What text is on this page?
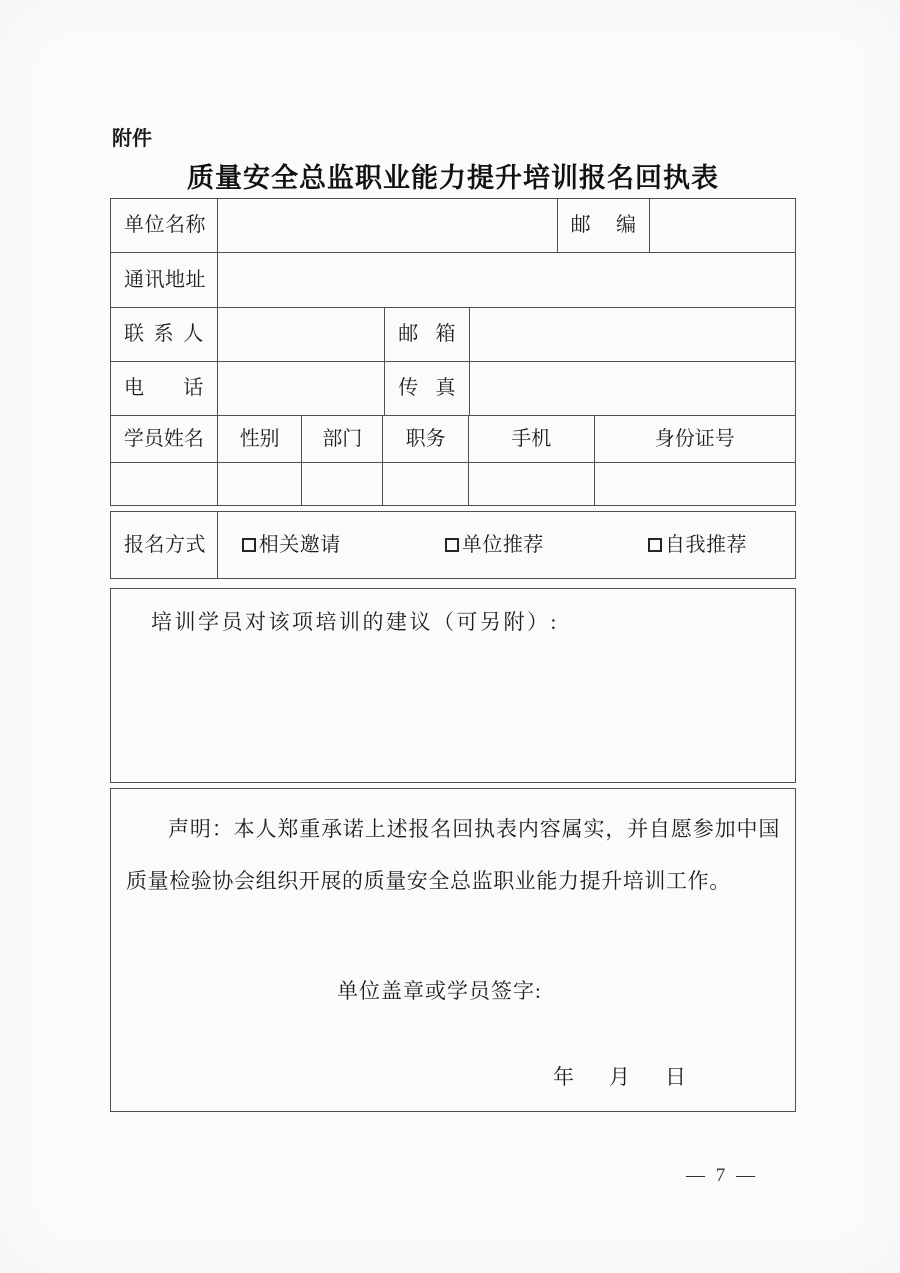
附件
质量安全总监职业能力提升培训报名回执表
单位名称	邮编
通讯地址
联系人	邮箱
电话	传真
学员姓名	性别	部门	职务	手机	身份证号
报名方式	相关邀请	单位推荐	自我推荐
培训学员对该项培训的建议（可另附）:
声明：本人郑重承诺上述报名回执表内容属实，并自愿参加中国质量检验协会组织开展的质量安全总监职业能力提升培训工作。
单位盖章或学员签字:
年 月 日
— 7 —
